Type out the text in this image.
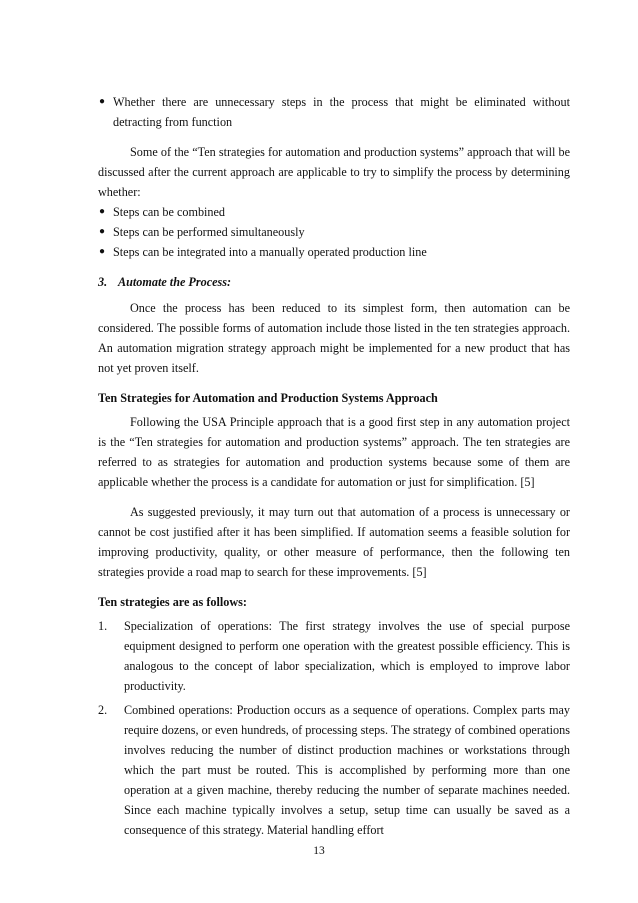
● Whether there are unnecessary steps in the process that might be eliminated without detracting from function

Some of the “Ten strategies for automation and production systems” approach that will be discussed after the current approach are applicable to try to simplify the process by determining whether:

● Steps can be combined
● Steps can be performed simultaneously
● Steps can be integrated into a manually operated production line

3. Automate the Process:

Once the process has been reduced to its simplest form, then automation can be considered. The possible forms of automation include those listed in the ten strategies approach. An automation migration strategy approach might be implemented for a new product that has not yet proven itself.

Ten Strategies for Automation and Production Systems Approach

Following the USA Principle approach that is a good first step in any automation project is the “Ten strategies for automation and production systems” approach. The ten strategies are referred to as strategies for automation and production systems because some of them are applicable whether the process is a candidate for automation or just for simplification. [5]

As suggested previously, it may turn out that automation of a process is unnecessary or cannot be cost justified after it has been simplified. If automation seems a feasible solution for improving productivity, quality, or other measure of performance, then the following ten strategies provide a road map to search for these improvements. [5]

Ten strategies are as follows:

1. Specialization of operations: The first strategy involves the use of special purpose equipment designed to perform one operation with the greatest possible efficiency. This is analogous to the concept of labor specialization, which is employed to improve labor productivity.
2. Combined operations: Production occurs as a sequence of operations. Complex parts may require dozens, or even hundreds, of processing steps. The strategy of combined operations involves reducing the number of distinct production machines or workstations through which the part must be routed. This is accomplished by performing more than one operation at a given machine, thereby reducing the number of separate machines needed. Since each machine typically involves a setup, setup time can usually be saved as a consequence of this strategy. Material handling effort
13
